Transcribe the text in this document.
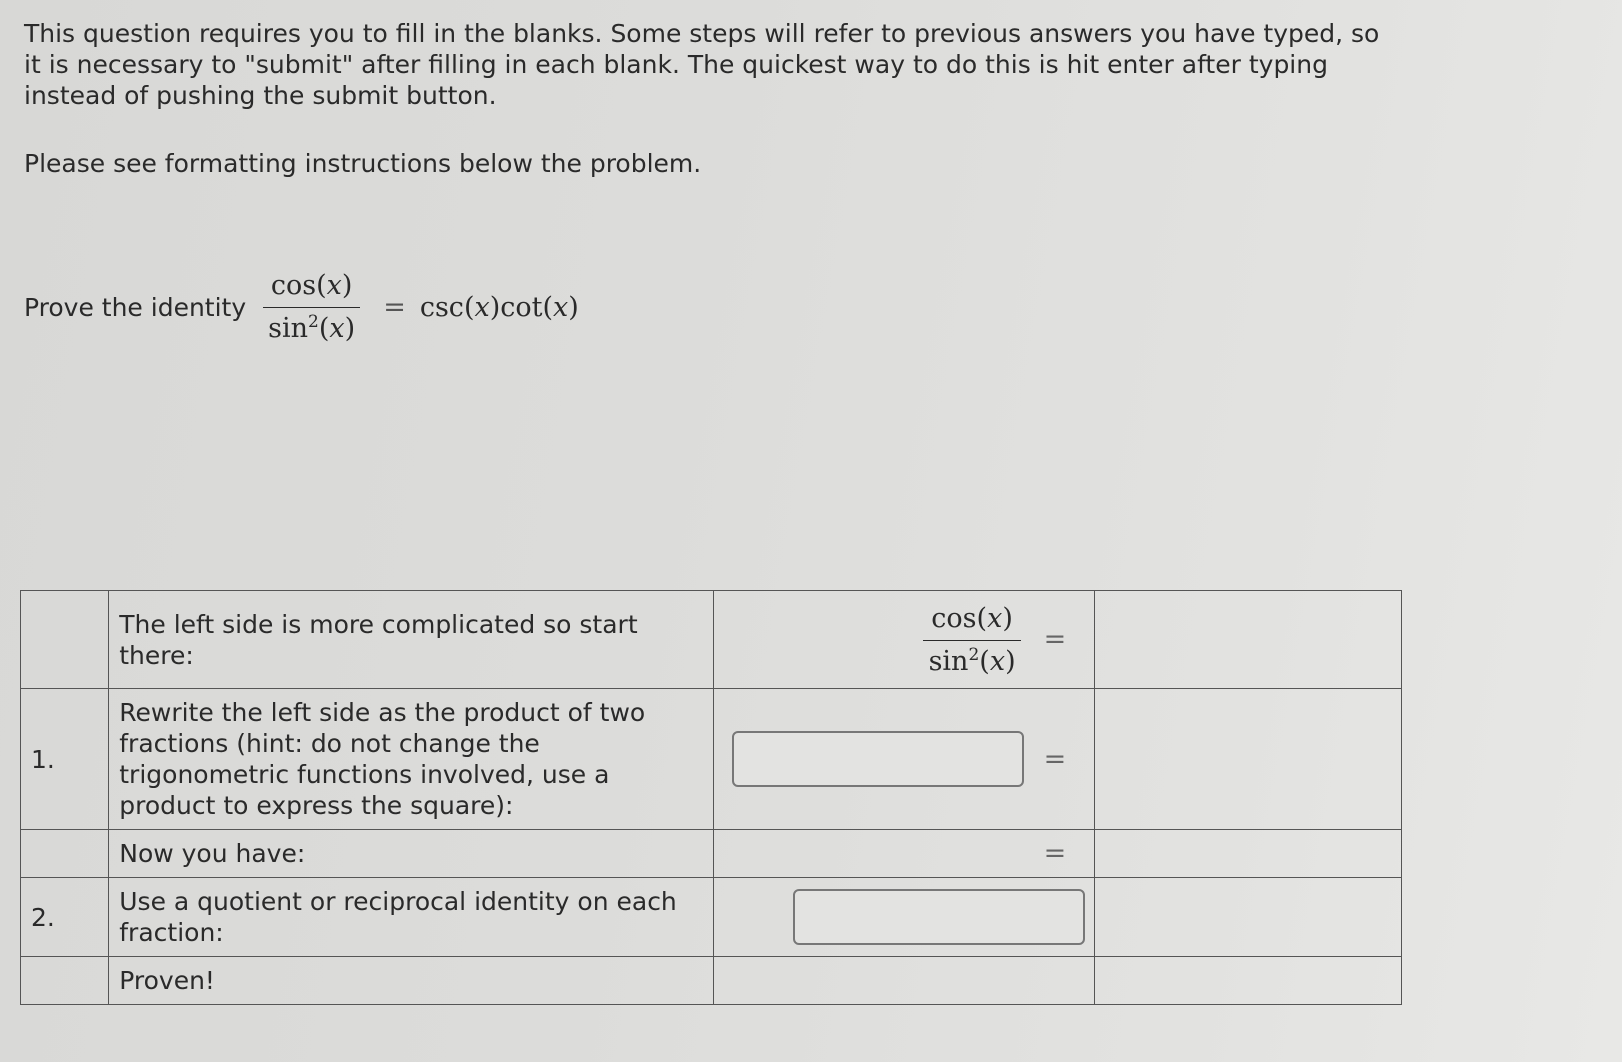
This question requires you to fill in the blanks. Some steps will refer to previous answers you have typed, so it is necessary to "submit" after filling in each blank. The quickest way to do this is hit enter after typing instead of pushing the submit button.

Please see formatting instructions below the problem.

Prove the identity $\frac{\cos(x)}{\sin^2(x)} = \csc(x)\cot(x)$
	The left side is more complicated so start there:	$\frac{\cos(x)}{\sin^2(x)}$ =	

1.	Rewrite the left side as the product of two fractions (hint: do not change the trigonometric functions involved, use a product to express the square):	=	

	Now you have:	=	

2.	Use a quotient or reciprocal identity on each fraction:	

	Proven!		
